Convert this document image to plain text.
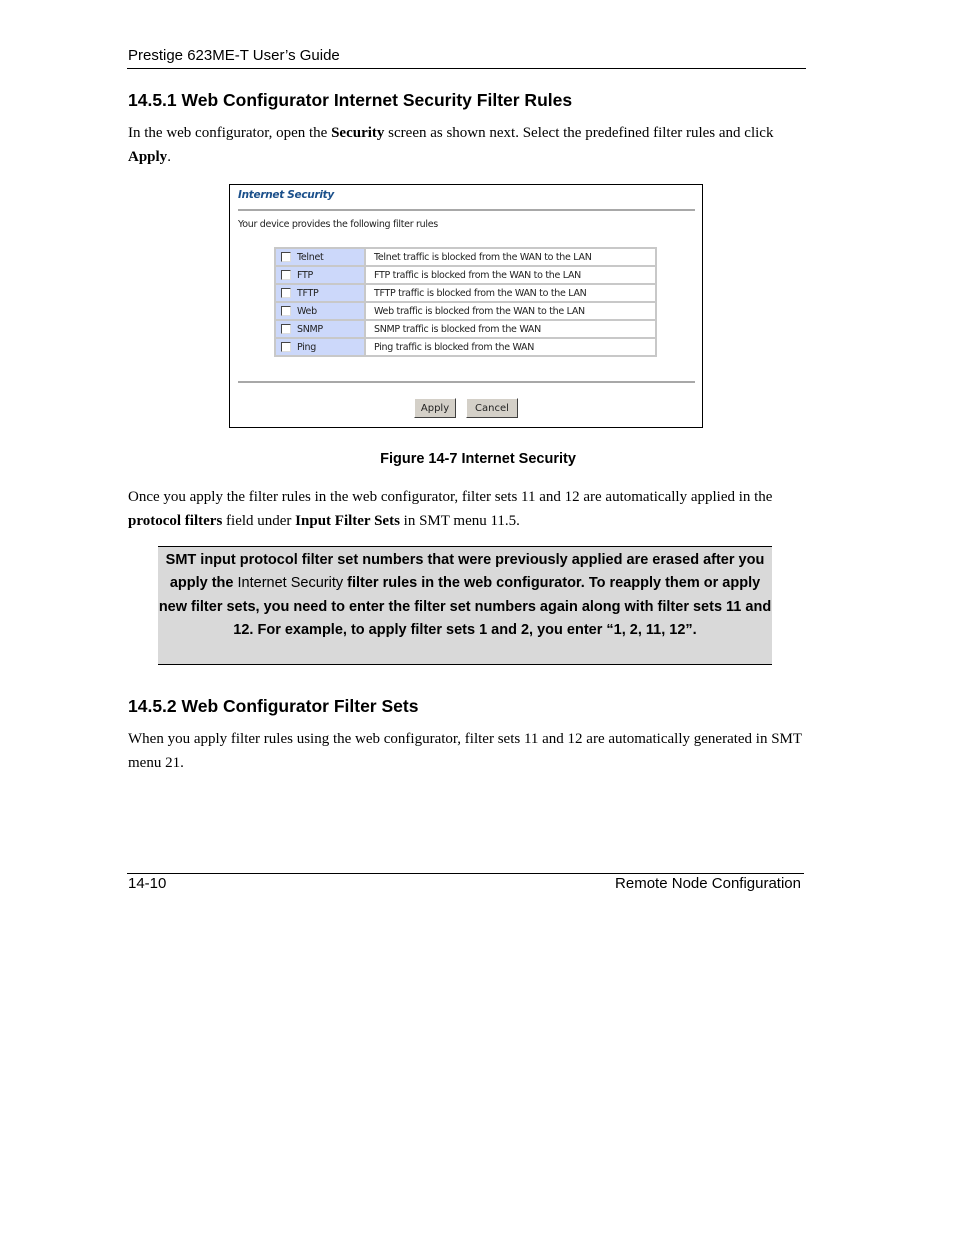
Prestige 623ME-T User’s Guide
14.5.1 Web Configurator Internet Security Filter Rules
In the web configurator, open the Security screen as shown next. Select the predefined filter rules and click Apply.
Internet Security
Your device provides the following filter rules
Telnet	Telnet traffic is blocked from the WAN to the LAN
FTP	FTP traffic is blocked from the WAN to the LAN
TFTP	TFTP traffic is blocked from the WAN to the LAN
Web	Web traffic is blocked from the WAN to the LAN
SNMP	SNMP traffic is blocked from the WAN
Ping	Ping traffic is blocked from the WAN
Apply	Cancel
Figure 14-7 Internet Security
Once you apply the filter rules in the web configurator, filter sets 11 and 12 are automatically applied in the protocol filters field under Input Filter Sets in SMT menu 11.5.
SMT input protocol filter set numbers that were previously applied are erased after you apply the Internet Security filter rules in the web configurator. To reapply them or apply new filter sets, you need to enter the filter set numbers again along with filter sets 11 and 12. For example, to apply filter sets 1 and 2, you enter “1, 2, 11, 12”.
14.5.2 Web Configurator Filter Sets
When you apply filter rules using the web configurator, filter sets 11 and 12 are automatically generated in SMT menu 21.
14-10	Remote Node Configuration
